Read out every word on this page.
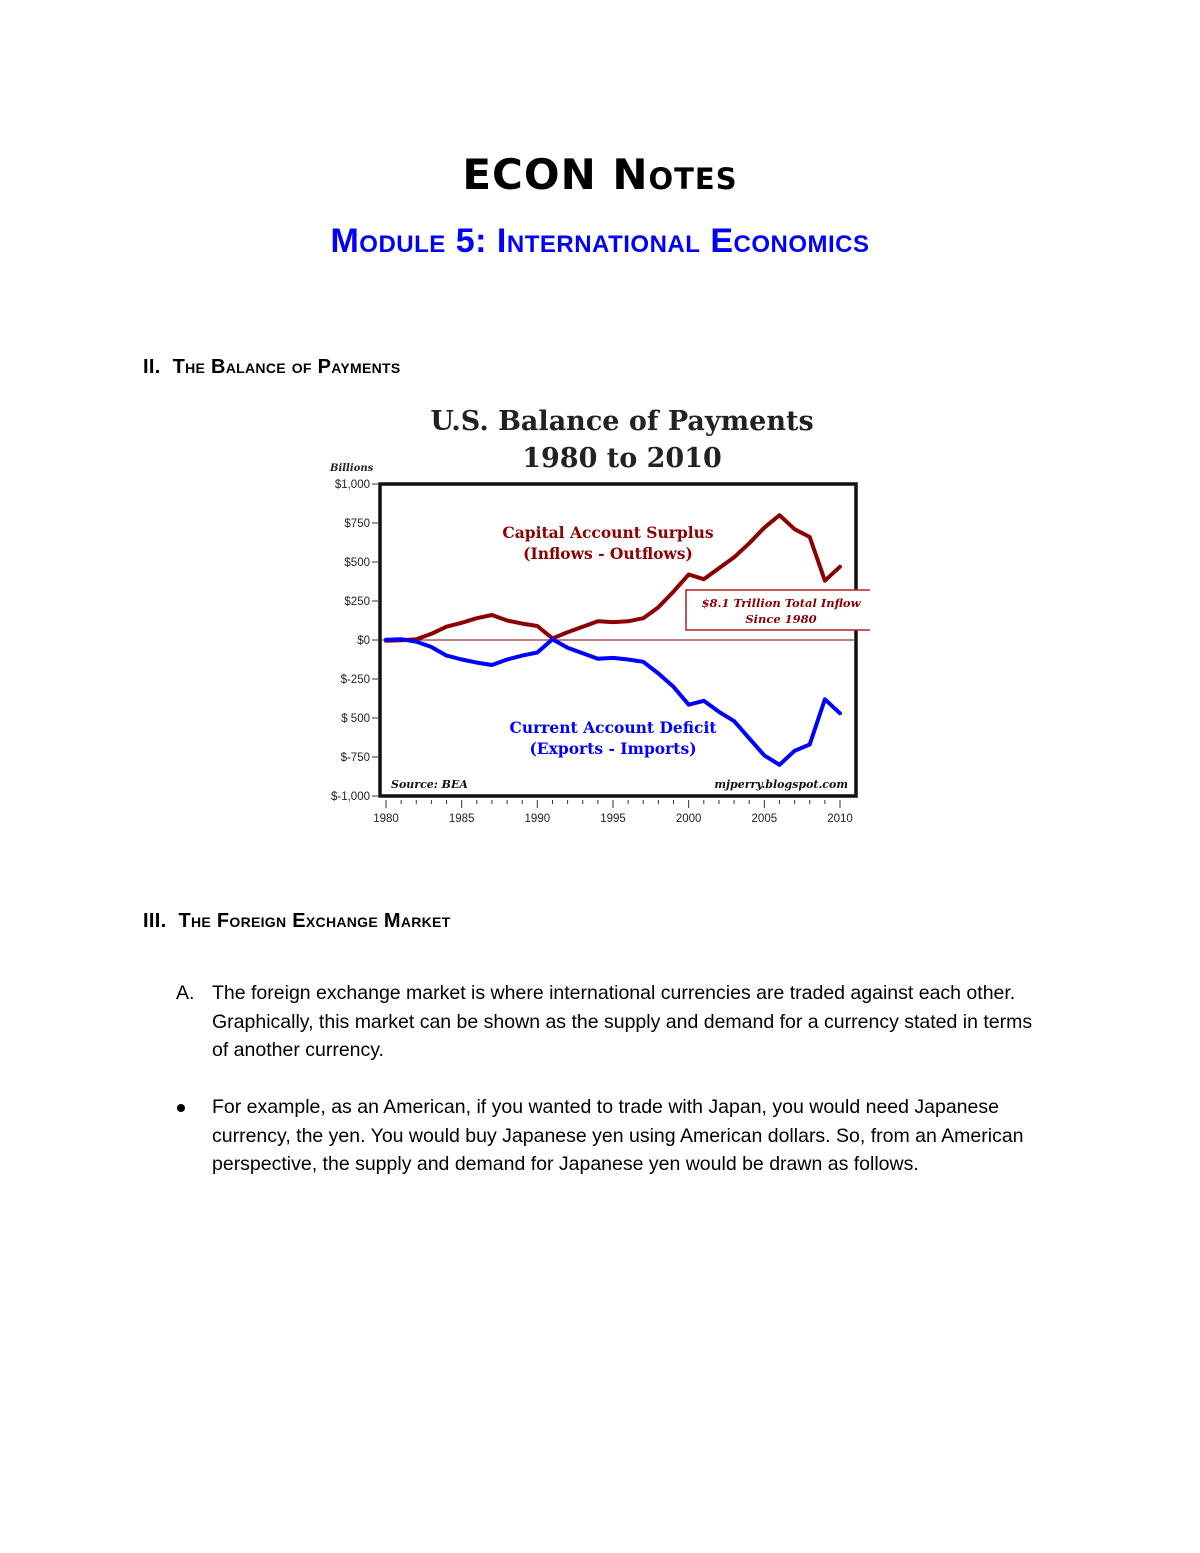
ECON Notes
Module 5: International Economics
II. The Balance of Payments
U.S. Balance of Payments
1980 to 2010
Billions
$1,000
$750
$500
$250
$0
$-250
$ 500
$-750
$-1,000
1980	1985	1990	1995	2000	2005	2010
Capital Account Surplus
(Inflows - Outflows)
Current Account Deficit
(Exports - Imports)
$8.1 Trillion Total Inflow
Since 1980
Source: BEA	mjperry.blogspot.com
III. The Foreign Exchange Market

A. The foreign exchange market is where international currencies are traded against each other. Graphically, this market can be shown as the supply and demand for a currency stated in terms of another currency.

For example, as an American, if you wanted to trade with Japan, you would need Japanese currency, the yen. You would buy Japanese yen using American dollars. So, from an American perspective, the supply and demand for Japanese yen would be drawn as follows.
